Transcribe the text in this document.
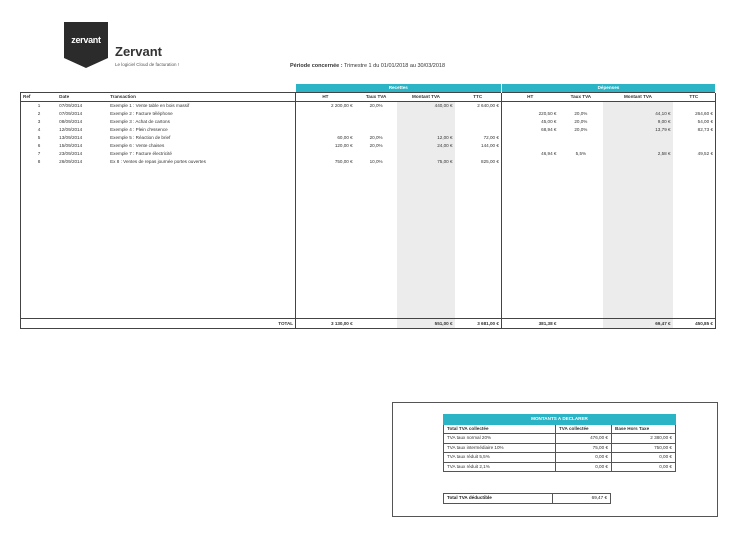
zervant
Zervant
Le logiciel Cloud de facturation !	Période concernée : Trimestre 1 du 01/01/2018 au 30/03/2018
			Recettes				Dépenses			
Ref	Date	Transaction	HT	Taux TVA	Montant TVA	TTC	HT	Taux TVA	Montant TVA	TTC
1	07/09/2014	Exemple 1 : Vente table en bois massif	2 200,00 €	20,0%	440,00 €	2 640,00 €				
2	07/09/2014	Exemple 2 : Facture téléphone					220,50 €	20,0%	44,10 €	264,60 €
3	08/09/2014	Exemple 3 : Achat de cartons					45,00 €	20,0%	9,00 €	54,00 €
4	12/09/2014	Exemple 4 : Plein d'essence					68,94 €	20,0%	13,79 €	82,73 €
5	13/09/2014	Exemple 5 : Réaction de brief	60,00 €	20,0%	12,00 €	72,00 €				
6	15/09/2014	Exemple 6 : Vente chaises	120,00 €	20,0%	24,00 €	144,00 €				
7	23/09/2014	Exemple 7 : Facture électricité					46,94 €	5,5%	2,58 €	49,52 €
8	26/09/2014	Ex 8 : Ventes de repas journée portes ouvertes	750,00 €	10,0%	75,00 €	825,00 €				

		TOTAL	3 130,00 €		551,00 €	3 681,00 €	381,38 €		69,47 €	450,85 €
MONTANTS A DECLARER		
Total TVA collectée	TVA collectée	Base Hors Taxe
TVA taux normal 20%	476,00 €	2 380,00 €
TVA taux intermédiaire 10%	75,00 €	750,00 €
TVA taux réduit 5,5%	0,00 €	0,00 €
TVA taux réduit 2,1%	0,00 €	0,00 €
Total TVA déductible	69,47 €
